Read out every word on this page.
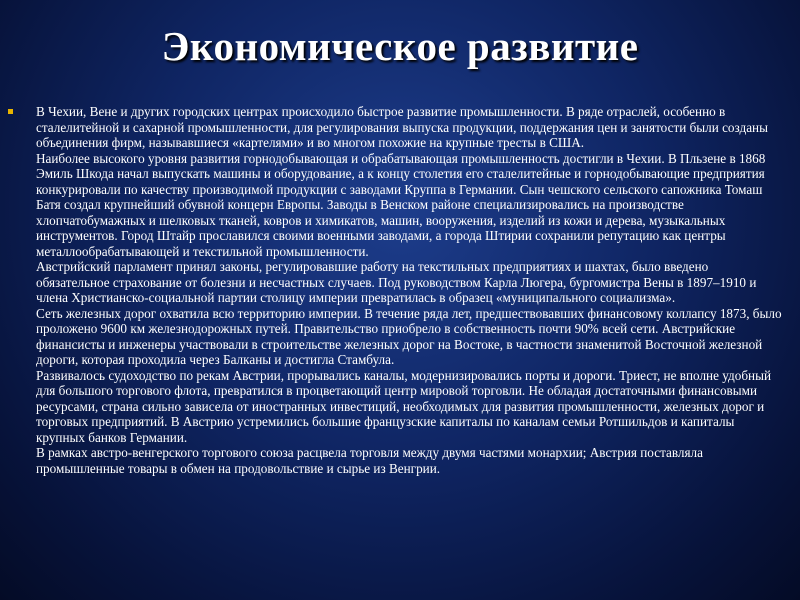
Экономическое развитие
В Чехии, Вене и других городских центрах происходило быстрое развитие промышленности. В ряде отраслей, особенно в сталелитейной и сахарной промышленности, для регулирования выпуска продукции, поддержания цен и занятости были созданы объединения фирм, называвшиеся «картелями» и во многом похожие на крупные тресты в США.
Наиболее высокого уровня развития горнодобывающая и обрабатывающая промышленность достигли в Чехии. В Пльзене в 1868 Эмиль Шкода начал выпускать машины и оборудование, а к концу столетия его сталелитейные и горнодобывающие предприятия конкурировали по качеству производимой продукции с заводами Круппа в Германии. Сын чешского сельского сапожника Томаш Батя создал крупнейший обувной концерн Европы. Заводы в Венском районе специализировались на производстве хлопчатобумажных и шелковых тканей, ковров и химикатов, машин, вооружения, изделий из кожи и дерева, музыкальных инструментов. Город Штайр прославился своими военными заводами, а города Штирии сохранили репутацию как центры металлообрабатывающей и текстильной промышленности.
Австрийский парламент принял законы, регулировавшие работу на текстильных предприятиях и шахтах, было введено обязательное страхование от болезни и несчастных случаев. Под руководством Карла Люгера, бургомистра Вены в 1897–1910 и члена Христианско-социальной партии столицу империи превратилась в образец «муниципального социализма».
Сеть железных дорог охватила всю территорию империи. В течение ряда лет, предшествовавших финансовому коллапсу 1873, было проложено 9600 км железнодорожных путей. Правительство приобрело в собственность почти 90% всей сети. Австрийские финансисты и инженеры участвовали в строительстве железных дорог на Востоке, в частности знаменитой Восточной железной дороги, которая проходила через Балканы и достигла Стамбула.
Развивалось судоходство по рекам Австрии, прорывались каналы, модернизировались порты и дороги. Триест, не вполне удобный для большого торгового флота, превратился в процветающий центр мировой торговли. Не обладая достаточными финансовыми ресурсами, страна сильно зависела от иностранных инвестиций, необходимых для развития промышленности, железных дорог и торговых предприятий. В Австрию устремились большие французские капиталы по каналам семьи Ротшильдов и капиталы крупных банков Германии.
В рамках австро-венгерского торгового союза расцвела торговля между двумя частями монархии; Австрия поставляла промышленные товары в обмен на продовольствие и сырье из Венгрии.
